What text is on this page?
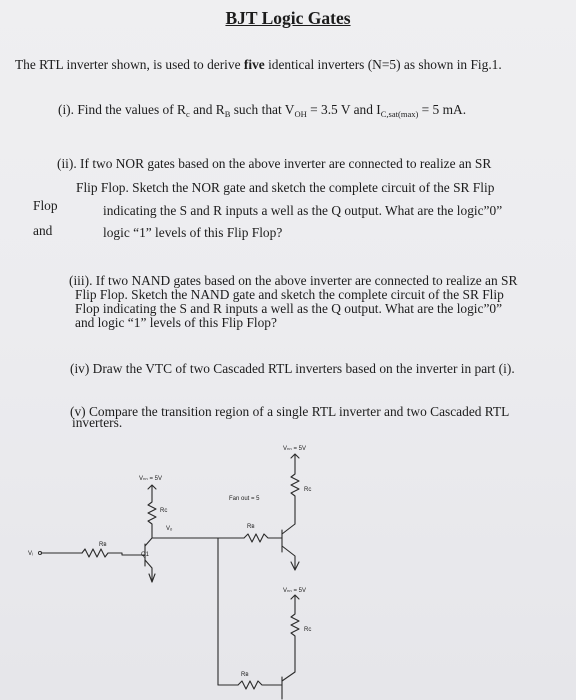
BJT Logic Gates

The RTL inverter shown, is used to derive five identical inverters (N=5) as shown in Fig.1.

(i). Find the values of $R_c$ and $R_B$ such that $V_{OH} = 3.5$ V and $I_{C,sat(max)} = 5$ mA.

(ii). If two NOR gates based on the above inverter are connected to realize an SR

Flip Flop. Sketch the NOR gate and sketch the complete circuit of the SR Flip

indicating the S and R inputs a well as the Q output. What are the logic”0”

logic “1” levels of this Flip Flop?

Flop

and

(iii). If two NAND gates based on the above inverter are connected to realize an SR

Flip Flop. Sketch the NAND gate and sketch the complete circuit of the SR Flip

Flop indicating the S and R inputs a well as the Q output. What are the logic”0”

and logic “1” levels of this Flip Flop?

(iv) Draw the VTC of two Cascaded RTL inverters based on the inverter in part (i).

(v) Compare the transition region of a single RTL inverter and two Cascaded RTL

inverters.

Vₙₙ = 5V
Vₙₙ = 5V
Vₙₙ = 5V
Rᴄ
Rᴄ
Rᴄ
Vₒ
Rʙ
Rʙ
Rʙ
Vᵢ	Q1
Fan out = 5
